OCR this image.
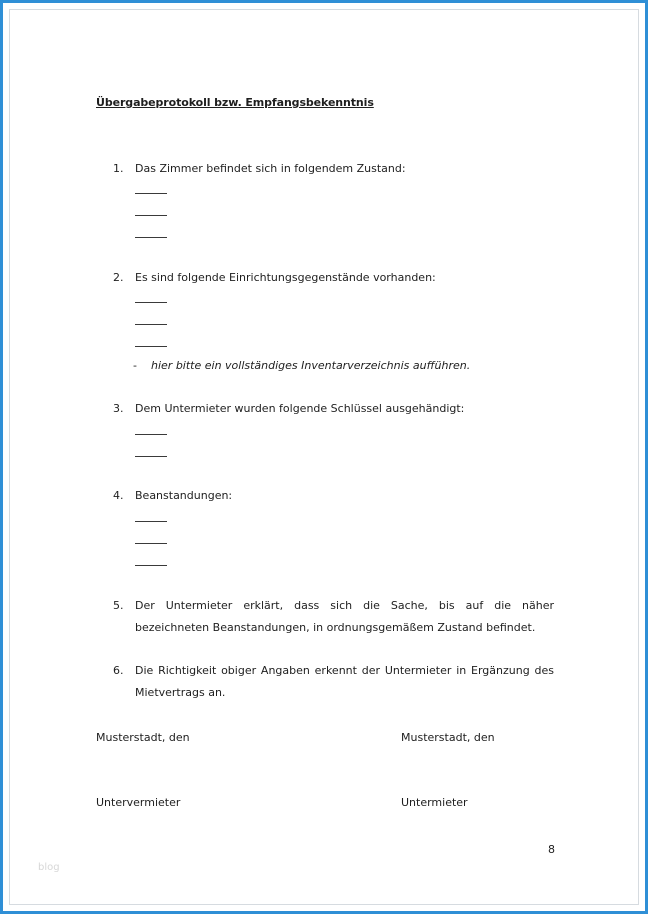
Übergabeprotokoll bzw. Empfangsbekenntnis
1.	Das Zimmer befindet sich in folgendem Zustand:

2.	Es sind folgende Einrichtungsgegenstände vorhanden:

- hier bitte ein vollständiges Inventarverzeichnis aufführen.
3.	Dem Untermieter wurden folgende Schlüssel ausgehändigt:

4.	Beanstandungen:

5.	Der Untermieter erklärt, dass sich die Sache, bis auf die näher bezeichneten Beanstandungen, in ordnungsgemäßem Zustand befindet.

6.	Die Richtigkeit obiger Angaben erkennt der Untermieter in Ergänzung des Mietvertrags an.

Musterstadt, den	Musterstadt, den
Untervermieter	Untermieter
8
blog
